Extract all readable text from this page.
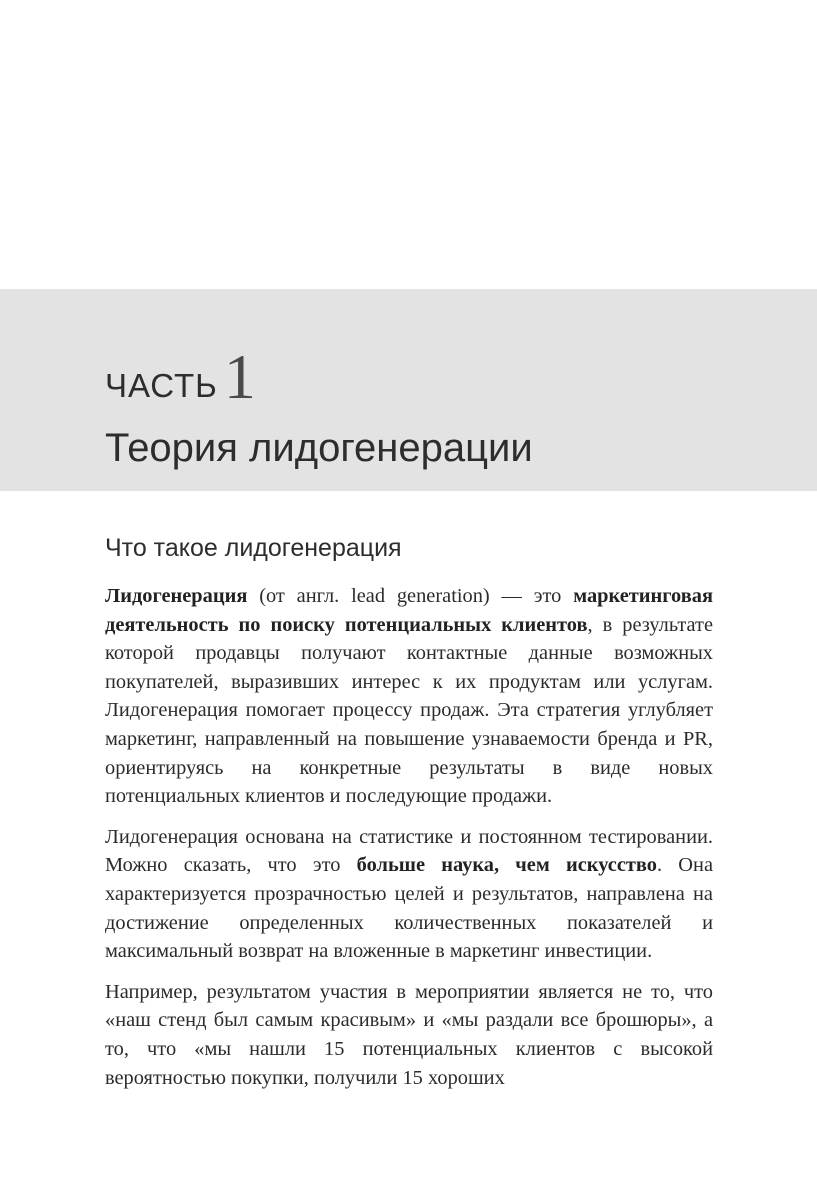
ЧАСТЬ 1
Теория лидогенерации
Что такое лидогенерация

Лидогенерация (от англ. lead generation) — это маркетинговая деятельность по поиску потенциальных клиентов, в результате которой продавцы получают контактные данные возможных покупателей, выразивших интерес к их продуктам или услугам. Лидогенерация помогает процессу продаж. Эта стратегия углубляет маркетинг, направленный на повышение узнаваемости бренда и PR, ориентируясь на конкретные результаты в виде новых потенциальных клиентов и последующие продажи.

Лидогенерация основана на статистике и постоянном тестировании. Можно сказать, что это больше наука, чем искусство. Она характеризуется прозрачностью целей и результатов, направлена на достижение определенных количественных показателей и максимальный возврат на вложенные в маркетинг инвестиции.

Например, результатом участия в мероприятии является не то, что «наш стенд был самым красивым» и «мы раздали все брошюры», а то, что «мы нашли 15 потенциальных клиентов с высокой вероятностью покупки, получили 15 хороших
